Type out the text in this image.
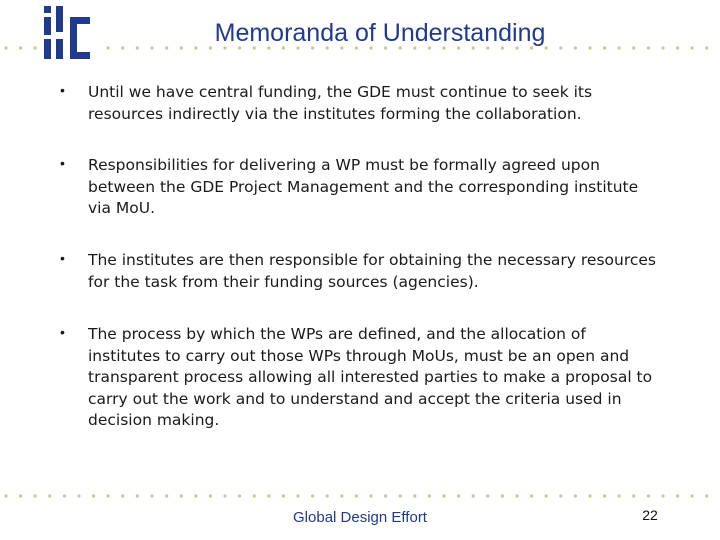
Memoranda of Understanding
• Until we have central funding, the GDE must continue to seek its resources indirectly via the institutes forming the collaboration.
• Responsibilities for delivering a WP must be formally agreed upon between the GDE Project Management and the corresponding institute via MoU.
• The institutes are then responsible for obtaining the necessary resources for the task from their funding sources (agencies).
• The process by which the WPs are defined, and the allocation of institutes to carry out those WPs through MoUs, must be an open and transparent process allowing all interested parties to make a proposal to carry out the work and to understand and accept the criteria used in decision making.
Global Design Effort	22
